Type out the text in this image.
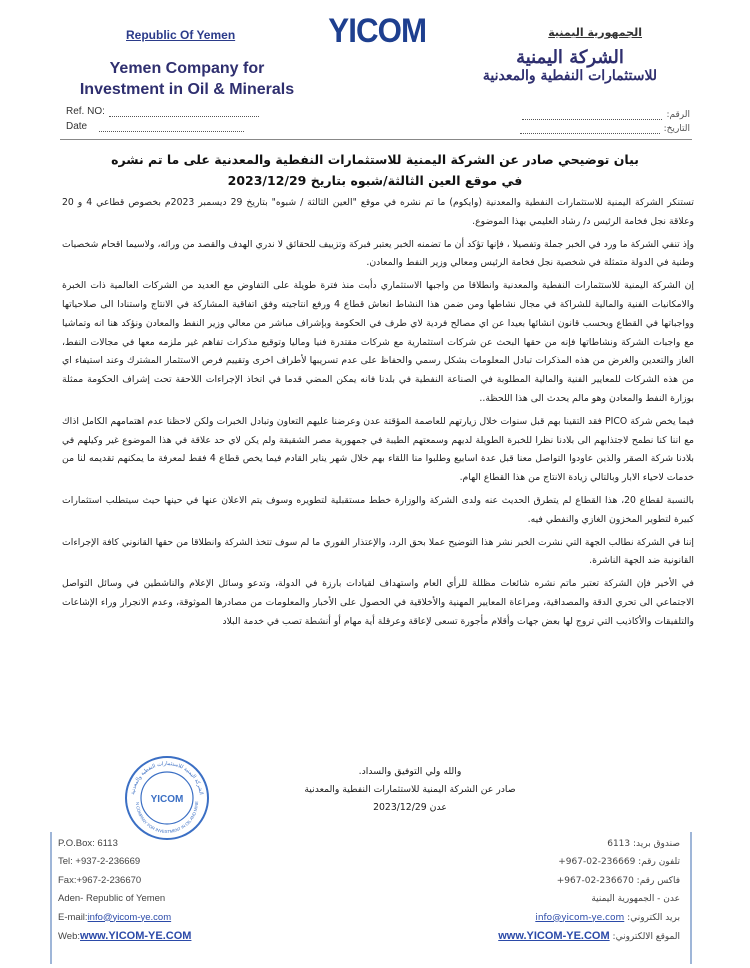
Republic Of Yemen
Yemen Company for
Investment in Oil & Minerals
Ref. NO:
Date
YICOM	الجمهورية اليمنية
الشركة اليمنية
للاستثمارات النفطية والمعدنية
الرقم:
التاريخ:
بيان توضيحي صادر عن الشركة اليمنية للاستثمارات النفطية والمعدنية على ما تم نشره
في موقع العين الثالثة/شبوه بتاريخ 2023/12/29

تستنكر الشركة اليمنية للاستثمارات النفطية والمعدنية (وايكوم) ما تم نشره في موقع "العين الثالثة / شبوه" بتاريخ 29 ديسمبر 2023م بخصوص قطاعي 4 و 20 وعلاقة نجل فخامة الرئيس د/ رشاد العليمي بهذا الموضوع.

وإذ تنفي الشركة ما ورد في الخبر جملة وتفصيلا ، فإنها تؤكد أن ما تضمنه الخبر يعتبر فبركة وتزييف للحقائق لا ندري الهدف والقصد من ورائه، ولاسيما اقحام شخصيات وطنية في الدولة متمثلة في شخصية نجل فخامة الرئيس ومعالي وزير النفط والمعادن.

إن الشركة اليمنية للاستثمارات النفطية والمعدنية وانطلاقا من واجبها الاستثماري دأبت منذ فترة طويلة على التفاوض مع العديد من الشركات العالمية ذات الخبرة والامكانيات الفنية والمالية للشراكة في مجال نشاطها ومن ضمن هذا النشاط انعاش قطاع 4 ورفع انتاجيته وفق اتفاقية المشاركة في الانتاج واستنادا الى صلاحياتها وواجباتها في القطاع وبحسب قانون انشائها بعيدا عن اي مصالح فردية لاي طرف في الحكومة وبإشراف مباشر من معالي وزير النفط والمعادن ونؤكد هنا انه وتماشيا مع واجبات الشركة ونشاطاتها فإنه من حقها البحث عن شركات استثمارية مع شركات مقتدرة فنيا وماليا وتوقيع مذكرات تفاهم غير ملزمه معها في مجالات النفط، الغاز والتعدين والغرض من هذه المذكرات تبادل المعلومات بشكل رسمي والحفاظ على عدم تسريبها لأطراف اخرى وتقييم فرص الاستثمار المشترك وعند استيفاء اي من هذه الشركات للمعايير الفنية والمالية المطلوبة في الصناعة النفطية في بلدنا فانه يمكن المضي قدما في اتخاذ الإجراءات اللاحقة تحت إشراف الحكومة ممثلة بوزارة النفط والمعادن وهو مالم يحدث الى هذا اللحظة..

فيما يخص شركة PICO فقد التقينا بهم قبل سنوات خلال زيارتهم للعاصمة المؤقتة عدن وعرضنا عليهم التعاون وتبادل الخبرات ولكن لاحظنا عدم اهتمامهم الكامل اذاك مع اننا كنا نطمح لاجتذابهم الى بلادنا نظرا للخبرة الطويلة لديهم وسمعتهم الطيبة في جمهورية مصر الشقيقة ولم يكن لاي حد علاقة في هذا الموضوع غير وكيلهم في بلادنا شركة الصقر والذين عاودوا التواصل معنا قبل عدة اسابيع وطلبوا منا اللقاء بهم خلال شهر يناير القادم فيما يخص قطاع 4 فقط لمعرفة ما يمكنهم تقديمه لنا من خدمات لاحياء الابار وبالتالي زيادة الانتاج من هذا القطاع الهام.

بالنسبة لقطاع 20، هذا القطاع لم يتطرق الحديث عنه ولدى الشركة والوزارة خطط مستقبلية لتطويره وسوف يتم الاعلان عنها في حينها حيث سيتطلب استثمارات كبيرة لتطوير المخزون الغازي والنفطي فيه.

إننا في الشركة نطالب الجهة التي نشرت الخبر نشر هذا التوضيح عملا بحق الرد، والإعتذار الفوري ما لم سوف تتخذ الشركة وانطلاقا من حقها القانوني كافة الإجراءات القانونية ضد الجهة الناشرة.

في الأخير فإن الشركة تعتبر ماتم نشره شائعات مظللة للرأي العام واستهداف لقيادات بارزة في الدولة، وتدعو وسائل الإعلام والناشطين في وسائل التواصل الاجتماعي الى تحري الدقة والمصداقية، ومراعاة المعايير المهنية والأخلاقية في الحصول على الأخبار والمعلومات من مصادرها الموثوقة، وعدم الانجرار وراء الإشاعات والتلفيقات والأكاذيب التي تروج لها بعض جهات وأقلام مأجورة تسعى لإعاقة وعرقلة أية مهام أو أنشطة تصب في خدمة البلاد

والله ولي التوفيق والسداد.
صادر عن الشركة اليمنية للاستثمارات النفطية والمعدنية
عدن 2023/12/29
الشركة اليمنية للاستثمارات النفطية والمعدنية
N COMPANY FOR INVESTMENT IN OIL AND MINE
YICOM
P.O.Box: 6113
Tel: +937-2-236669
Fax:+967-2-236670
Aden- Republic of Yemen
E-mail:info@yicom-ye.com
Web:www.YICOM-YE.COM
صندوق بريد: 6113
تلفون رقم: 236669-02-967+
فاكس رقم: 236670-02-967+
عدن - الجمهورية اليمنية
بريد الكتروني: info@yicom-ye.com
الموقع الالكتروني: www.YICOM-YE.COM
